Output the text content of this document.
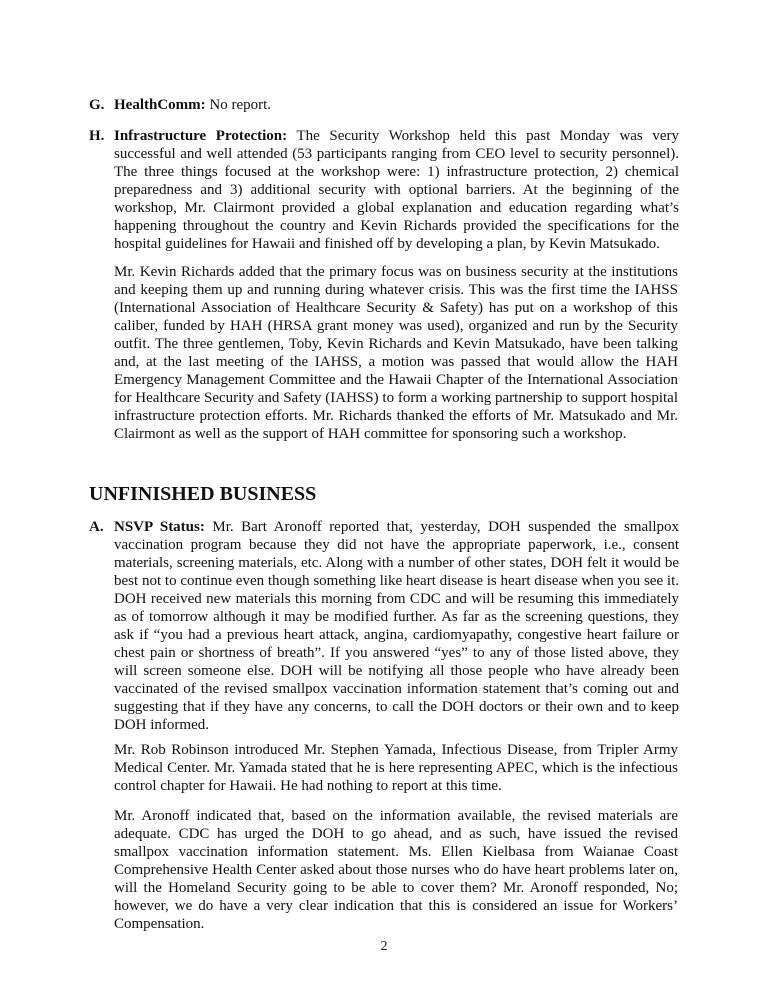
G. HealthComm: No report.
H. Infrastructure Protection: The Security Workshop held this past Monday was very successful and well attended (53 participants ranging from CEO level to security personnel). The three things focused at the workshop were: 1) infrastructure protection, 2) chemical preparedness and 3) additional security with optional barriers. At the beginning of the workshop, Mr. Clairmont provided a global explanation and education regarding what’s happening throughout the country and Kevin Richards provided the specifications for the hospital guidelines for Hawaii and finished off by developing a plan, by Kevin Matsukado.
Mr. Kevin Richards added that the primary focus was on business security at the institutions and keeping them up and running during whatever crisis. This was the first time the IAHSS (International Association of Healthcare Security & Safety) has put on a workshop of this caliber, funded by HAH (HRSA grant money was used), organized and run by the Security outfit. The three gentlemen, Toby, Kevin Richards and Kevin Matsukado, have been talking and, at the last meeting of the IAHSS, a motion was passed that would allow the HAH Emergency Management Committee and the Hawaii Chapter of the International Association for Healthcare Security and Safety (IAHSS) to form a working partnership to support hospital infrastructure protection efforts. Mr. Richards thanked the efforts of Mr. Matsukado and Mr. Clairmont as well as the support of HAH committee for sponsoring such a workshop.
UNFINISHED BUSINESS
A. NSVP Status: Mr. Bart Aronoff reported that, yesterday, DOH suspended the smallpox vaccination program because they did not have the appropriate paperwork, i.e., consent materials, screening materials, etc. Along with a number of other states, DOH felt it would be best not to continue even though something like heart disease is heart disease when you see it. DOH received new materials this morning from CDC and will be resuming this immediately as of tomorrow although it may be modified further. As far as the screening questions, they ask if “you had a previous heart attack, angina, cardiomyapathy, congestive heart failure or chest pain or shortness of breath”. If you answered “yes” to any of those listed above, they will screen someone else. DOH will be notifying all those people who have already been vaccinated of the revised smallpox vaccination information statement that’s coming out and suggesting that if they have any concerns, to call the DOH doctors or their own and to keep DOH informed.
Mr. Rob Robinson introduced Mr. Stephen Yamada, Infectious Disease, from Tripler Army Medical Center. Mr. Yamada stated that he is here representing APEC, which is the infectious control chapter for Hawaii. He had nothing to report at this time.
Mr. Aronoff indicated that, based on the information available, the revised materials are adequate. CDC has urged the DOH to go ahead, and as such, have issued the revised smallpox vaccination information statement. Ms. Ellen Kielbasa from Waianae Coast Comprehensive Health Center asked about those nurses who do have heart problems later on, will the Homeland Security going to be able to cover them? Mr. Aronoff responded, No; however, we do have a very clear indication that this is considered an issue for Workers’ Compensation.
2
